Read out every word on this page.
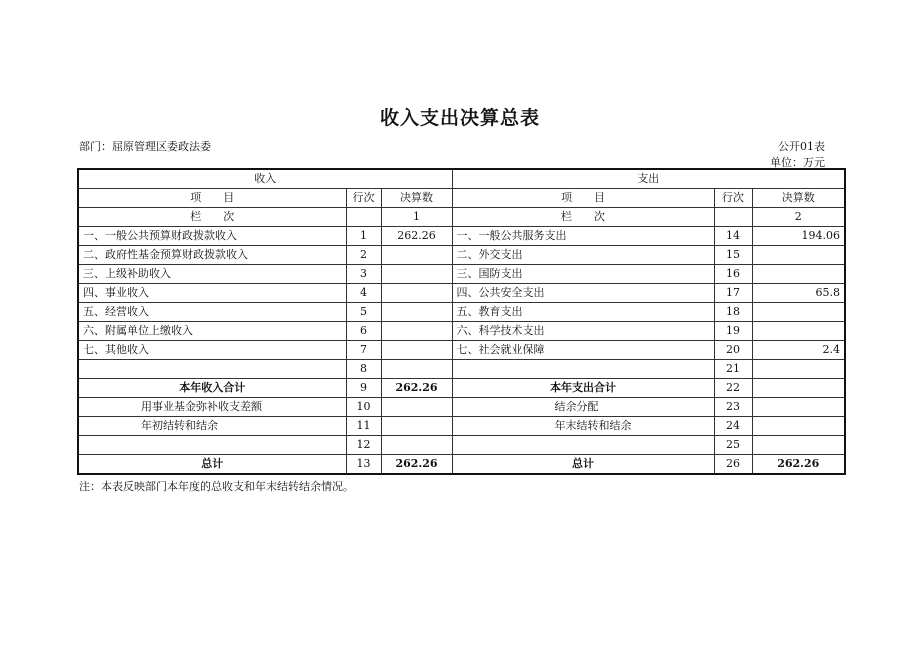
收入支出决算总表
部门：屈原管理区委政法委	公开01表
单位：万元
收入			支出		
项　　目	行次	决算数	项　　目	行次	决算数
栏　　次		1	栏　　次		2
一、一般公共预算财政拨款收入	1	262.26	一、一般公共服务支出	14	194.06
二、政府性基金预算财政拨款收入	2		二、外交支出	15	
三、上级补助收入	3		三、国防支出	16	
四、事业收入	4		四、公共安全支出	17	65.8
五、经营收入	5		五、教育支出	18	
六、附属单位上缴收入	6		六、科学技术支出	19	
七、其他收入	7		七、社会就业保障	20	2.4
	8			21	
本年收入合计	9	262.26	本年支出合计	22	
用事业基金弥补收支差额	10		结余分配	23	
年初结转和结余	11		年末结转和结余	24	
	12			25	
总计	13	262.26	总计	26	262.26
注：本表反映部门本年度的总收支和年末结转结余情况。
